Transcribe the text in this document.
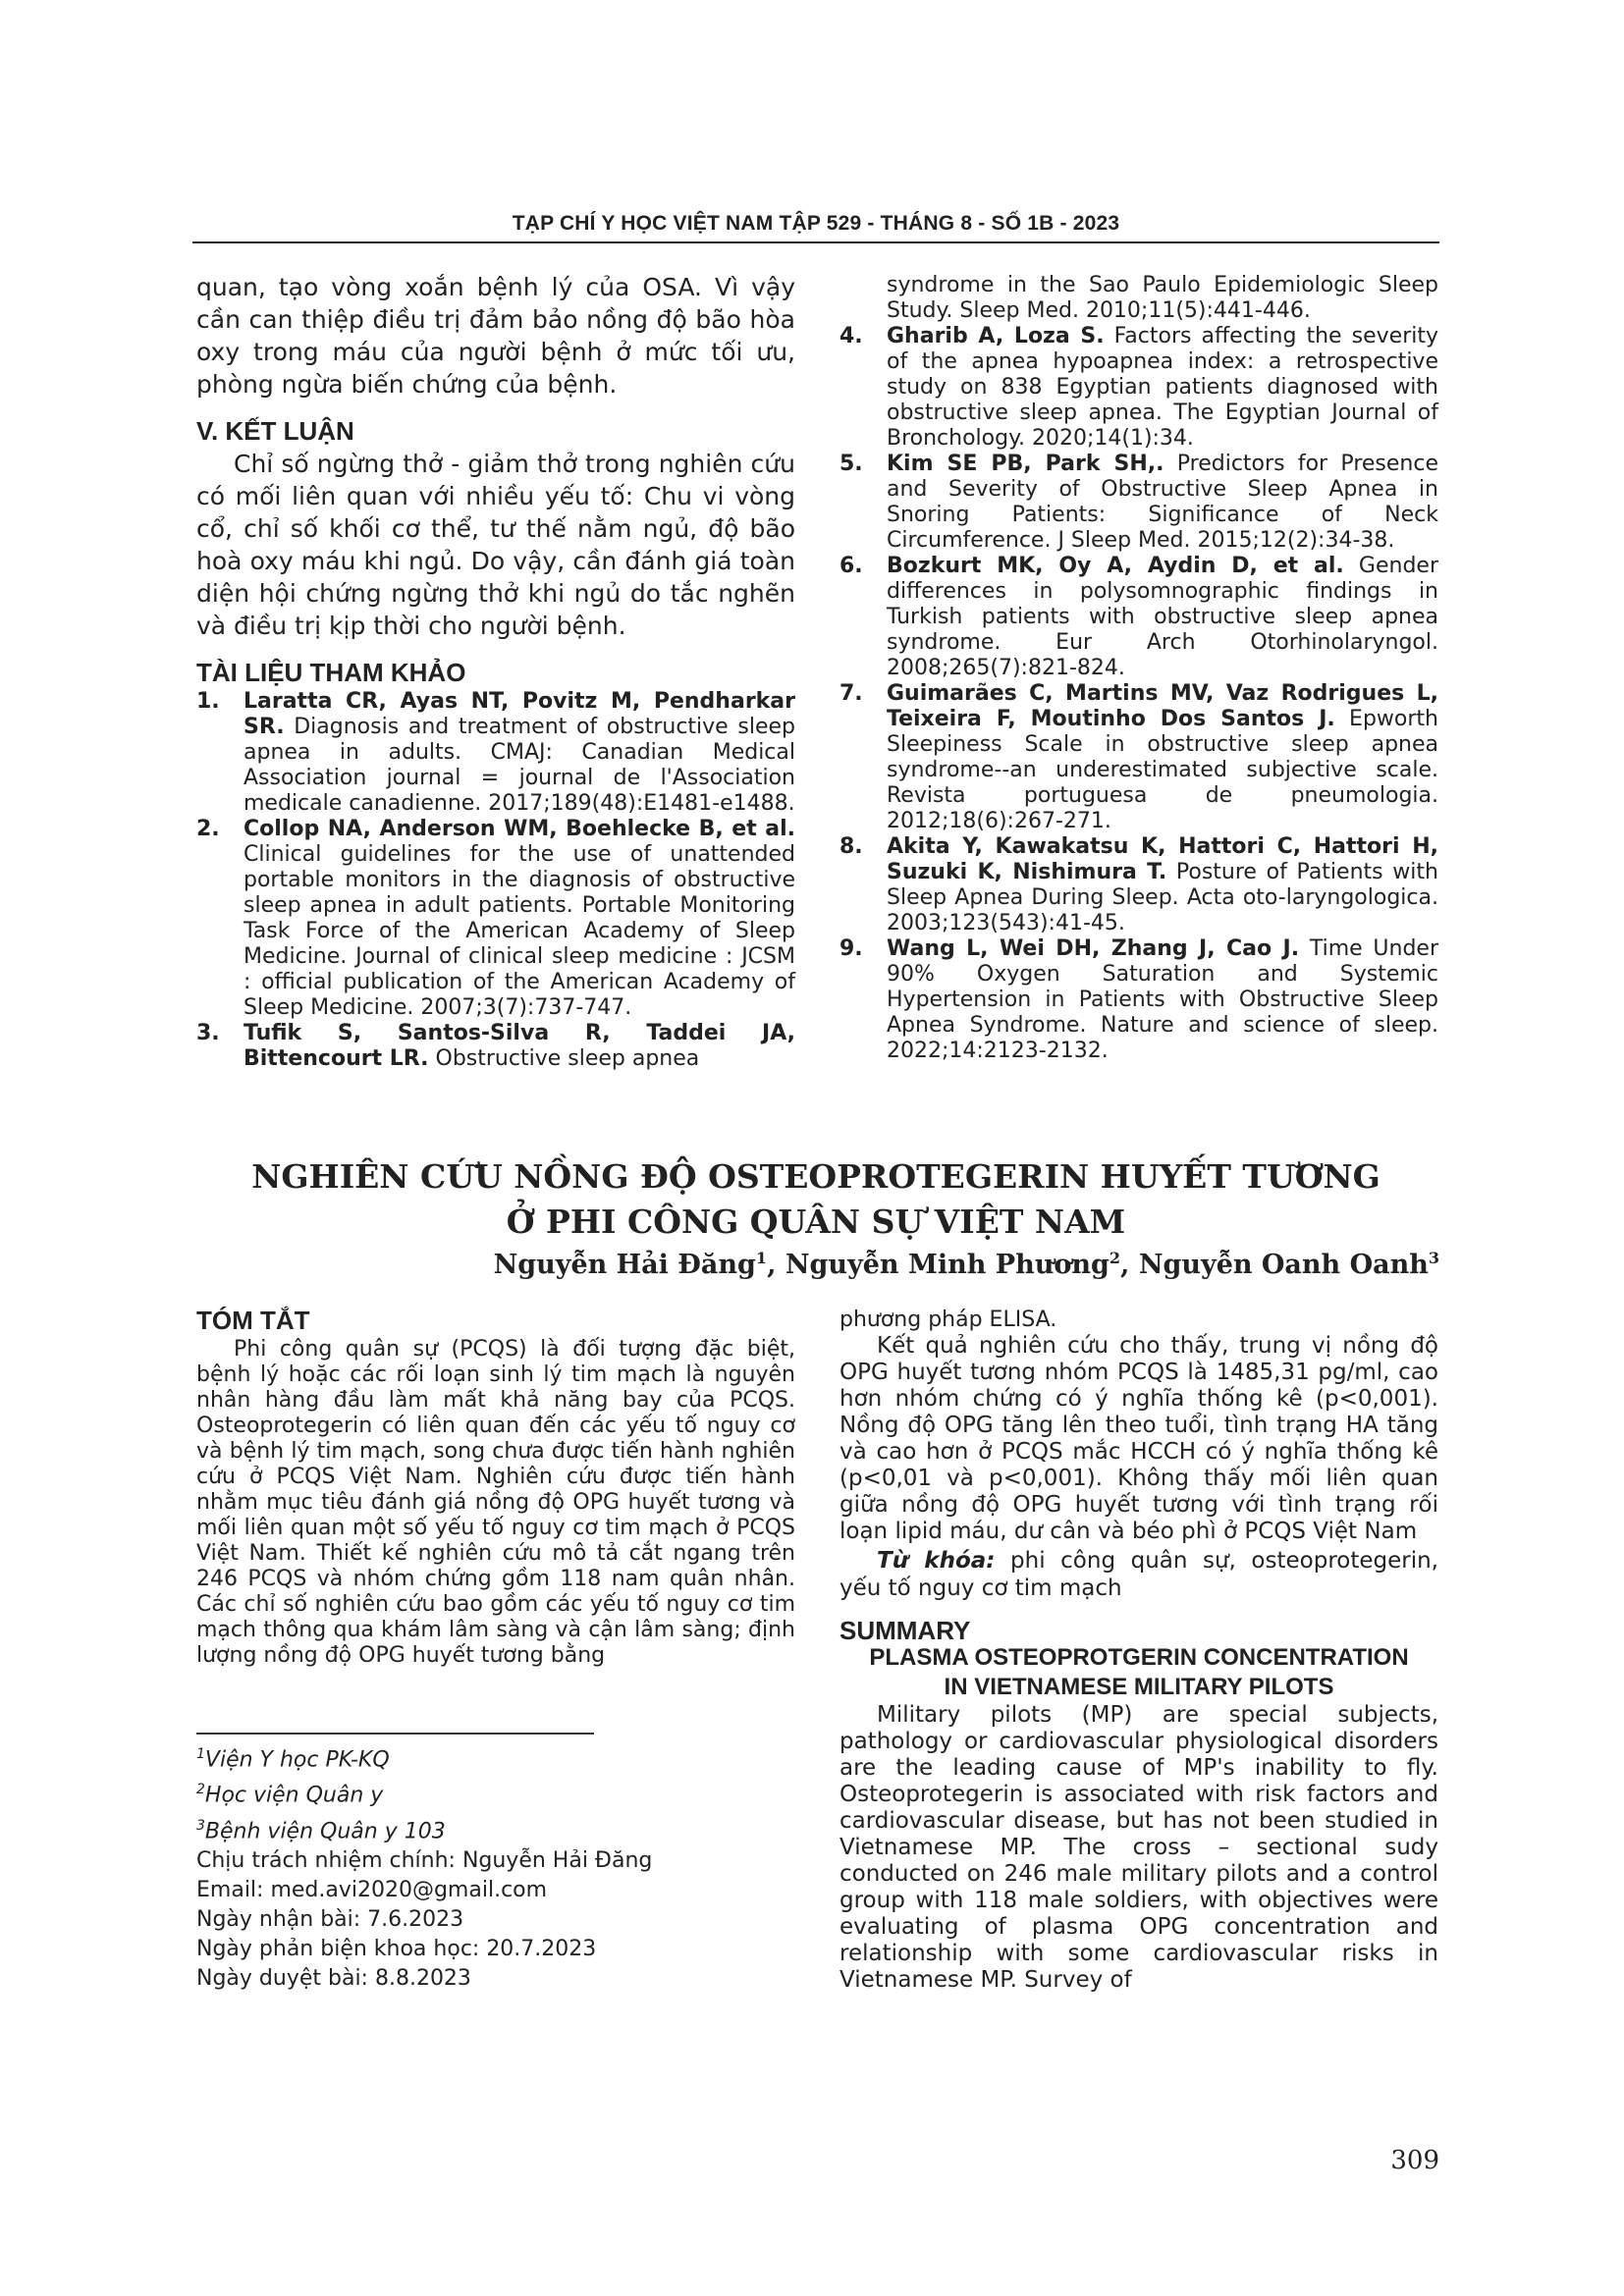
TẠP CHÍ Y HỌC VIỆT NAM TẬP 529 - THÁNG 8 - SỐ 1B - 2023

quan, tạo vòng xoắn bệnh lý của OSA. Vì vậy cần can thiệp điều trị đảm bảo nồng độ bão hòa oxy trong máu của người bệnh ở mức tối ưu, phòng ngừa biến chứng của bệnh.

V. KẾT LUẬN

Chỉ số ngừng thở - giảm thở trong nghiên cứu có mối liên quan với nhiều yếu tố: Chu vi vòng cổ, chỉ số khối cơ thể, tư thế nằm ngủ, độ bão hoà oxy máu khi ngủ. Do vậy, cần đánh giá toàn diện hội chứng ngừng thở khi ngủ do tắc nghẽn và điều trị kịp thời cho người bệnh.

TÀI LIỆU THAM KHẢO

1.	Laratta CR, Ayas NT, Povitz M, Pendharkar SR. Diagnosis and treatment of obstructive sleep apnea in adults. CMAJ: Canadian Medical Association journal = journal de l'Association medicale canadienne. 2017;189(48):E1481-e1488.
2.	Collop NA, Anderson WM, Boehlecke B, et al. Clinical guidelines for the use of unattended portable monitors in the diagnosis of obstructive sleep apnea in adult patients. Portable Monitoring Task Force of the American Academy of Sleep Medicine. Journal of clinical sleep medicine : JCSM : official publication of the American Academy of Sleep Medicine. 2007;3(7):737-747.
3.	Tufik S, Santos-Silva R, Taddei JA, Bittencourt LR. Obstructive sleep apnea
syndrome in the Sao Paulo Epidemiologic Sleep Study. Sleep Med. 2010;11(5):441-446.
4.	Gharib A, Loza S. Factors affecting the severity of the apnea hypoapnea index: a retrospective study on 838 Egyptian patients diagnosed with obstructive sleep apnea. The Egyptian Journal of Bronchology. 2020;14(1):34.
5.	Kim SE PB, Park SH,. Predictors for Presence and Severity of Obstructive Sleep Apnea in Snoring Patients: Significance of Neck Circumference. J Sleep Med. 2015;12(2):34-38.
6.	Bozkurt MK, Oy A, Aydin D, et al. Gender differences in polysomnographic findings in Turkish patients with obstructive sleep apnea syndrome. Eur Arch Otorhinolaryngol. 2008;265(7):821-824.
7.	Guimarães C, Martins MV, Vaz Rodrigues L, Teixeira F, Moutinho Dos Santos J. Epworth Sleepiness Scale in obstructive sleep apnea syndrome--an underestimated subjective scale. Revista portuguesa de pneumologia. 2012;18(6):267-271.
8.	Akita Y, Kawakatsu K, Hattori C, Hattori H, Suzuki K, Nishimura T. Posture of Patients with Sleep Apnea During Sleep. Acta oto-laryngologica. 2003;123(543):41-45.
9.	Wang L, Wei DH, Zhang J, Cao J. Time Under 90% Oxygen Saturation and Systemic Hypertension in Patients with Obstructive Sleep Apnea Syndrome. Nature and science of sleep. 2022;14:2123-2132.
NGHIÊN CỨU NỒNG ĐỘ OSTEOPROTEGERIN HUYẾT TƯƠNG
Ở PHI CÔNG QUÂN SỰ VIỆT NAM
Nguyễn Hải Đăng$^1$, Nguyễn Minh Phương$^2$, Nguyễn Oanh Oanh$^3$

TÓM TẮT

Phi công quân sự (PCQS) là đối tượng đặc biệt, bệnh lý hoặc các rối loạn sinh lý tim mạch là nguyên nhân hàng đầu làm mất khả năng bay của PCQS. Osteoprotegerin có liên quan đến các yếu tố nguy cơ và bệnh lý tim mạch, song chưa được tiến hành nghiên cứu ở PCQS Việt Nam. Nghiên cứu được tiến hành nhằm mục tiêu đánh giá nồng độ OPG huyết tương và mối liên quan một số yếu tố nguy cơ tim mạch ở PCQS Việt Nam. Thiết kế nghiên cứu mô tả cắt ngang trên 246 PCQS và nhóm chứng gồm 118 nam quân nhân. Các chỉ số nghiên cứu bao gồm các yếu tố nguy cơ tim mạch thông qua khám lâm sàng và cận lâm sàng; định lượng nồng độ OPG huyết tương bằng

phương pháp ELISA.

Kết quả nghiên cứu cho thấy, trung vị nồng độ OPG huyết tương nhóm PCQS là 1485,31 pg/ml, cao hơn nhóm chứng có ý nghĩa thống kê (p<0,001). Nồng độ OPG tăng lên theo tuổi, tình trạng HA tăng và cao hơn ở PCQS mắc HCCH có ý nghĩa thống kê (p<0,01 và p<0,001). Không thấy mối liên quan giữa nồng độ OPG huyết tương với tình trạng rối loạn lipid máu, dư cân và béo phì ở PCQS Việt Nam

Từ khóa: phi công quân sự, osteoprotegerin, yếu tố nguy cơ tim mạch

SUMMARY

PLASMA OSTEOPROTGERIN CONCENTRATION

IN VIETNAMESE MILITARY PILOTS

Military pilots (MP) are special subjects, pathology or cardiovascular physiological disorders are the leading cause of MP's inability to fly. Osteoprotegerin is associated with risk factors and cardiovascular disease, but has not been studied in Vietnamese MP. The cross – sectional sudy conducted on 246 male military pilots and a control group with 118 male soldiers, with objectives were evaluating of plasma OPG concentration and relationship with some cardiovascular risks in Vietnamese MP. Survey of

$^1$Viện Y học PK-KQ

$^2$Học viện Quân y

$^3$Bệnh viện Quân y 103

Chịu trách nhiệm chính: Nguyễn Hải Đăng

Email: med.avi2020@gmail.com

Ngày nhận bài: 7.6.2023

Ngày phản biện khoa học: 20.7.2023

Ngày duyệt bài: 8.8.2023

309
